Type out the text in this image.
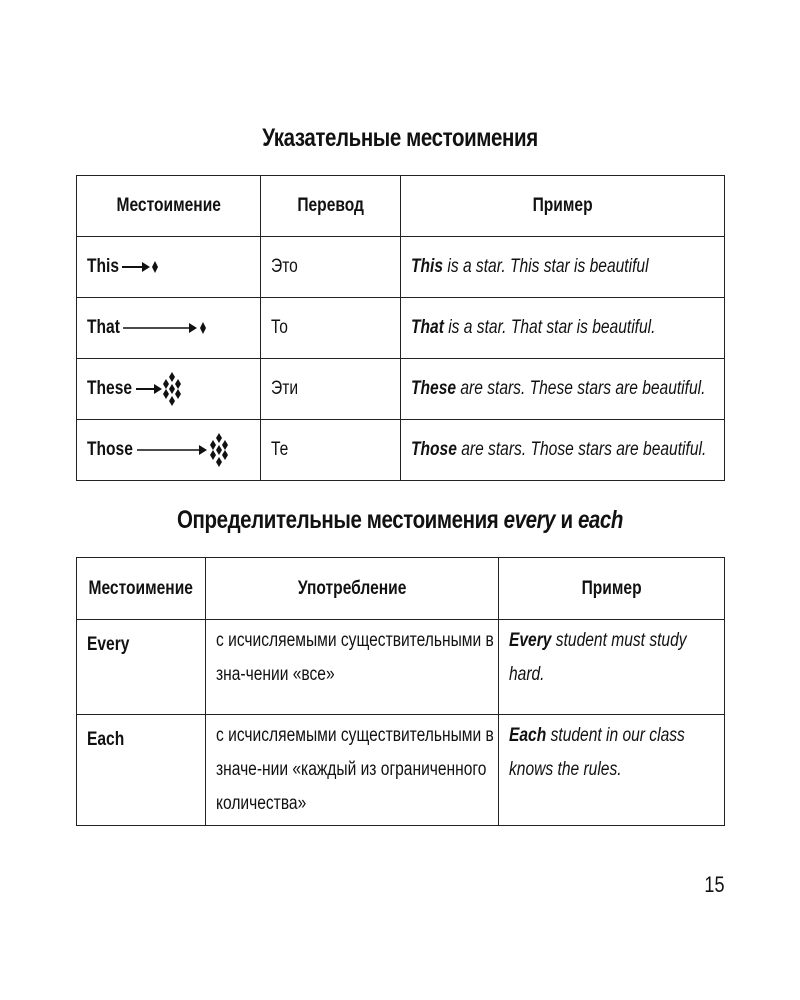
Указательные местоимения
Местоимение	Перевод	Пример

This	Это	This is a star. This star is beautiful

That	То	That is a star. That star is beautiful.

These	Эти	These are stars. These stars are beautiful.

Those	Те	Those are stars. Those stars are beautiful.
Определительные местоимения every и each
Местоимение	Употребление	Пример
Every	с исчисляемыми существительными в зна-чении «все»	Every student must study hard.

Each	с исчисляемыми существительными в значе-нии «каждый из ограниченного количества»	Each student in our class knows the rules.
15
